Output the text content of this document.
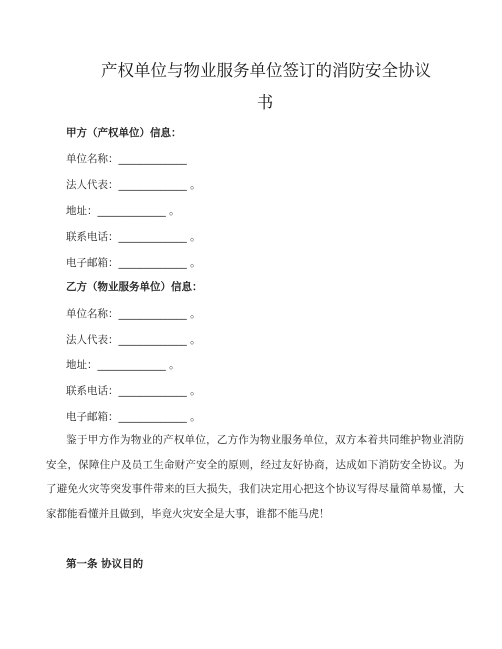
产权单位与物业服务单位签订的消防安全协议
书
甲方（产权单位）信息：
单位名称：_____________
法人代表：_____________ 。
地址：_____________ 。
联系电话：_____________ 。
电子邮箱：_____________ 。
乙方（物业服务单位）信息：
单位名称：_____________ 。
法人代表：_____________ 。
地址：_____________ 。
联系电话：_____________ 。
电子邮箱：_____________ 。
鉴于甲方作为物业的产权单位，乙方作为物业服务单位，双方本着共同维护物业消防安全，保障住户及员工生命财产安全的原则，经过友好协商，达成如下消防安全协议。为了避免火灾等突发事件带来的巨大损失，我们决定用心把这个协议写得尽量简单易懂，大家都能看懂并且做到，毕竟火灾安全是大事，谁都不能马虎！
第一条 协议目的
